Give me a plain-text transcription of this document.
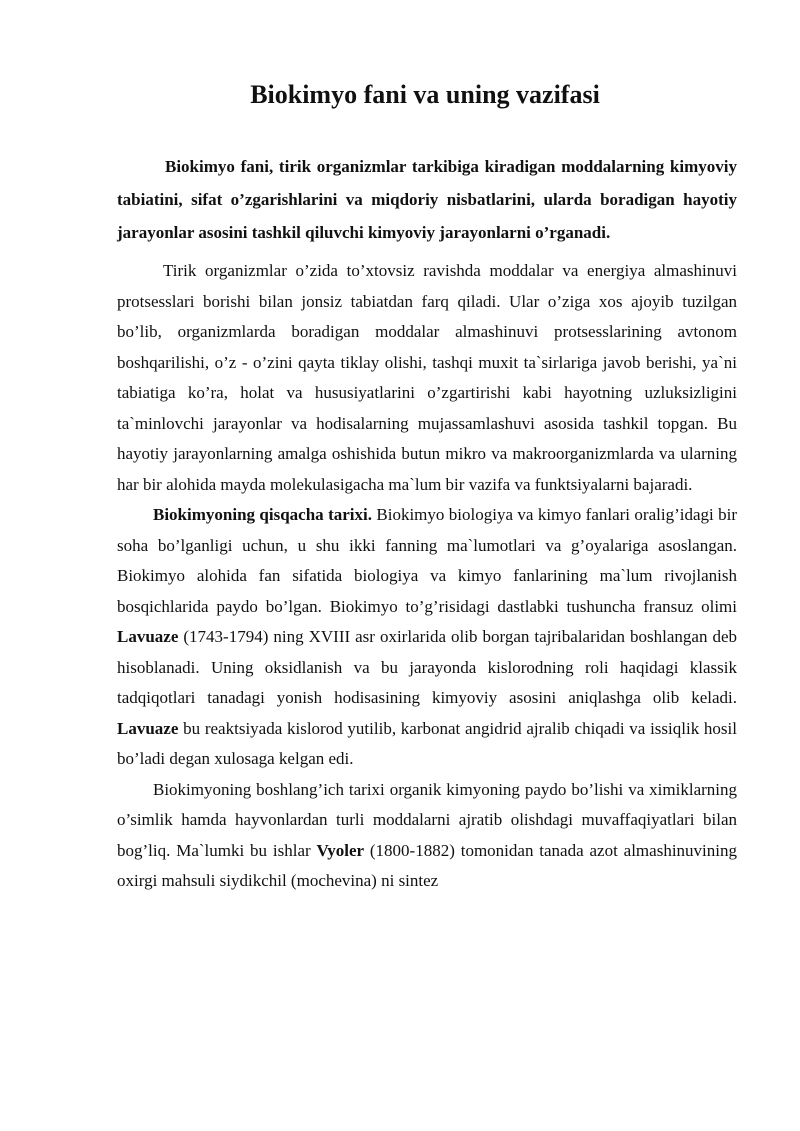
Biokimyo fani va uning vazifasi

Biokimyo fani, tirik organizmlar tarkibiga kiradigan moddalarning kimyoviy tabiatini, sifat o’zgarishlarini va miqdoriy nisbatlarini, ularda boradigan hayotiy jarayonlar asosini tashkil qiluvchi kimyoviy jarayonlarni o’rganadi.

Tirik organizmlar o’zida to’xtovsiz ravishda moddalar va energiya almashinuvi protsesslari borishi bilan jonsiz tabiatdan farq qiladi. Ular o’ziga xos ajoyib tuzilgan bo’lib, organizmlarda boradigan moddalar almashinuvi protsesslarining avtonom boshqarilishi, o’z - o’zini qayta tiklay olishi, tashqi muxit ta`sirlariga javob berishi, ya`ni tabiatiga ko’ra, holat va hususiyatlarini o’zgartirishi kabi hayotning uzluksizligini ta`minlovchi jarayonlar va hodisalarning mujassamlashuvi asosida tashkil topgan. Bu hayotiy jarayonlarning amalga oshishida butun mikro va makroorganizmlarda va ularning har bir alohida mayda molekulasigacha ma`lum bir vazifa va funktsiyalarni bajaradi.

Biokimyoning qisqacha tarixi. Biokimyo biologiya va kimyo fanlari oralig’idagi bir soha bo’lganligi uchun, u shu ikki fanning ma`lumotlari va g’oyalariga asoslangan. Biokimyo alohida fan sifatida biologiya va kimyo fanlarining ma`lum rivojlanish bosqichlarida paydo bo’lgan. Biokimyo to’g’risidagi dastlabki tushuncha fransuz olimi Lavuaze (1743-1794) ning XVIII asr oxirlarida olib borgan tajribalaridan boshlangan deb hisoblanadi. Uning oksidlanish va bu jarayonda kislorodning roli haqidagi klassik tadqiqotlari tanadagi yonish hodisasining kimyoviy asosini aniqlashga olib keladi. Lavuaze bu reaktsiyada kislorod yutilib, karbonat angidrid ajralib chiqadi va issiqlik hosil bo’ladi degan xulosaga kelgan edi.

Biokimyoning boshlang’ich tarixi organik kimyoning paydo bo’lishi va ximiklarning o’simlik hamda hayvonlardan turli moddalarni ajratib olishdagi muvaffaqiyatlari bilan bog’liq. Ma`lumki bu ishlar Vyoler (1800-1882) tomonidan tanada azot almashinuvining oxirgi mahsuli siydikchil (mochevina) ni sintez
